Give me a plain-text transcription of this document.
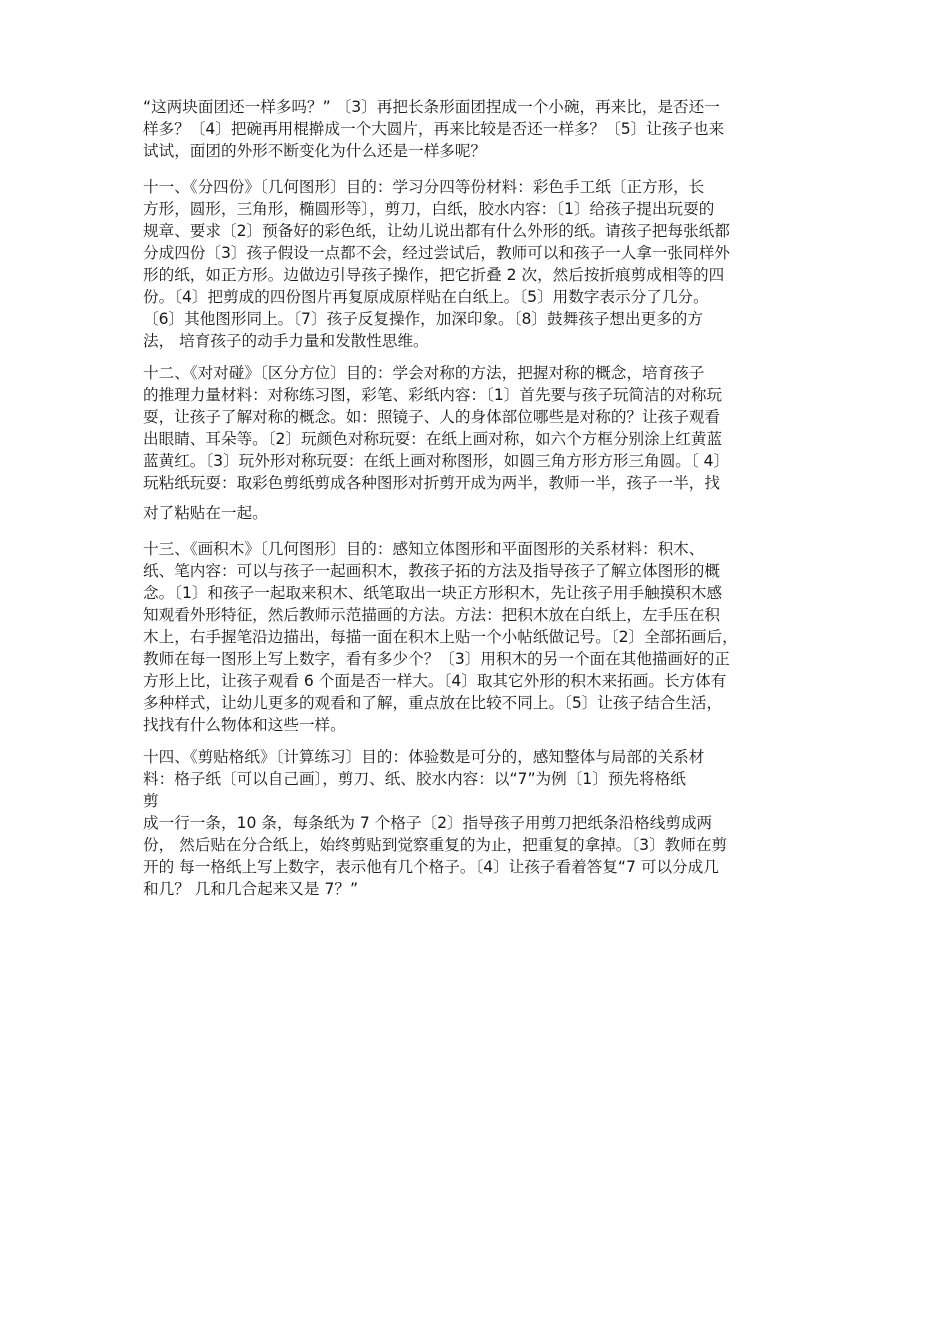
“这两块面团还一样多吗？” 〔3〕再把长条形面团捏成一个小碗，再来比，是否还一
样多？〔4〕把碗再用棍擀成一个大圆片，再来比较是否还一样多？〔5〕让孩子也来
试试，面团的外形不断变化为什么还是一样多呢？
十一、《分四份》〔几何图形〕目的：学习分四等份材料：彩色手工纸〔正方形，长
方形，圆形，三角形，椭圆形等〕，剪刀，白纸，胶水内容：〔1〕给孩子提出玩耍的
规章、要求〔2〕预备好的彩色纸，让幼儿说出都有什么外形的纸。请孩子把每张纸都
分成四份〔3〕孩子假设一点都不会，经过尝试后，教师可以和孩子一人拿一张同样外
形的纸，如正方形。边做边引导孩子操作，把它折叠 2 次，然后按折痕剪成相等的四
份。〔4〕把剪成的四份图片再复原成原样贴在白纸上。〔5〕用数字表示分了几分。
〔6〕其他图形同上。〔7〕孩子反复操作，加深印象。〔8〕鼓舞孩子想出更多的方
法， 培育孩子的动手力量和发散性思维。
十二、《对对碰》〔区分方位〕目的：学会对称的方法，把握对称的概念，培育孩子
的推理力量材料：对称练习图，彩笔、彩纸内容：〔1〕首先要与孩子玩简洁的对称玩
耍，让孩子了解对称的概念。如：照镜子、人的身体部位哪些是对称的？让孩子观看
出眼睛、耳朵等。〔2〕玩颜色对称玩耍：在纸上画对称，如六个方框分别涂上红黄蓝
蓝黄红。〔3〕玩外形对称玩耍：在纸上画对称图形，如圆三角方形方形三角圆。〔 4〕
玩粘纸玩耍：取彩色剪纸剪成各种图形对折剪开成为两半，教师一半，孩子一半，找
对了粘贴在一起。
十三、《画积木》〔几何图形〕目的：感知立体图形和平面图形的关系材料：积木、
纸、笔内容：可以与孩子一起画积木，教孩子拓的方法及指导孩子了解立体图形的概
念。〔1〕和孩子一起取来积木、纸笔取出一块正方形积木，先让孩子用手触摸积木感
知观看外形特征，然后教师示范描画的方法。方法：把积木放在白纸上，左手压在积
木上，右手握笔沿边描出，每描一面在积木上贴一个小帖纸做记号。〔2〕全部拓画后，
教师在每一图形上写上数字，看有多少个？〔3〕用积木的另一个面在其他描画好的正
方形上比，让孩子观看 6 个面是否一样大。〔4〕取其它外形的积木来拓画。长方体有
多种样式，让幼儿更多的观看和了解，重点放在比较不同上。〔5〕让孩子结合生活，
找找有什么物体和这些一样。
十四、《剪贴格纸》〔计算练习〕目的：体验数是可分的，感知整体与局部的关系材
料：格子纸〔可以自己画〕，剪刀、纸、胶水内容：以“7”为例〔1〕预先将格纸
剪
成一行一条，10 条，每条纸为 7 个格子〔2〕指导孩子用剪刀把纸条沿格线剪成两
份， 然后贴在分合纸上，始终剪贴到觉察重复的为止，把重复的拿掉。〔3〕教师在剪
开的 每一格纸上写上数字，表示他有几个格子。〔4〕让孩子看着答复“7 可以分成几
和几？ 几和几合起来又是 7？”
